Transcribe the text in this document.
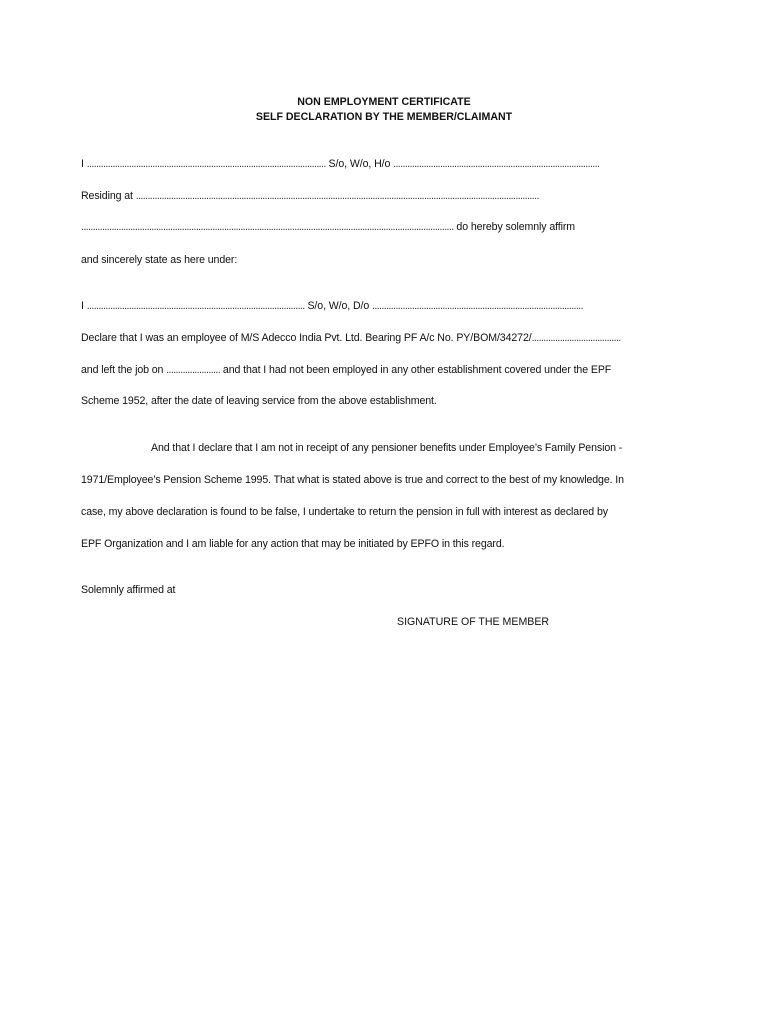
NON EMPLOYMENT CERTIFICATE
SELF DECLARATION BY THE MEMBER/CLAIMANT
I ...................................................................................................... S/o, W/o, H/o ........................................................................................
Residing at ............................................................................................................................................................................
............................................................................................................................................................... do hereby solemnly affirm
and sincerely state as here under:
I ............................................................................................. S/o, W/o, D/o ..........................................................................................
Declare that I was an employee of M/S Adecco India Pvt. Ltd. Bearing PF A/c No. PY/BOM/34272/......................................
and left the job on ....................... and that I had not been employed in any other establishment covered under the EPF
Scheme 1952, after the date of leaving service from the above establishment.
And that I declare that I am not in receipt of any pensioner benefits under Employee’s Family Pension -
1971/Employee’s Pension Scheme 1995. That what is stated above is true and correct to the best of my knowledge. In
case, my above declaration is found to be false, I undertake to return the pension in full with interest as declared by
EPF Organization and I am liable for any action that may be initiated by EPFO in this regard.
Solemnly affirmed at
SIGNATURE OF THE MEMBER
